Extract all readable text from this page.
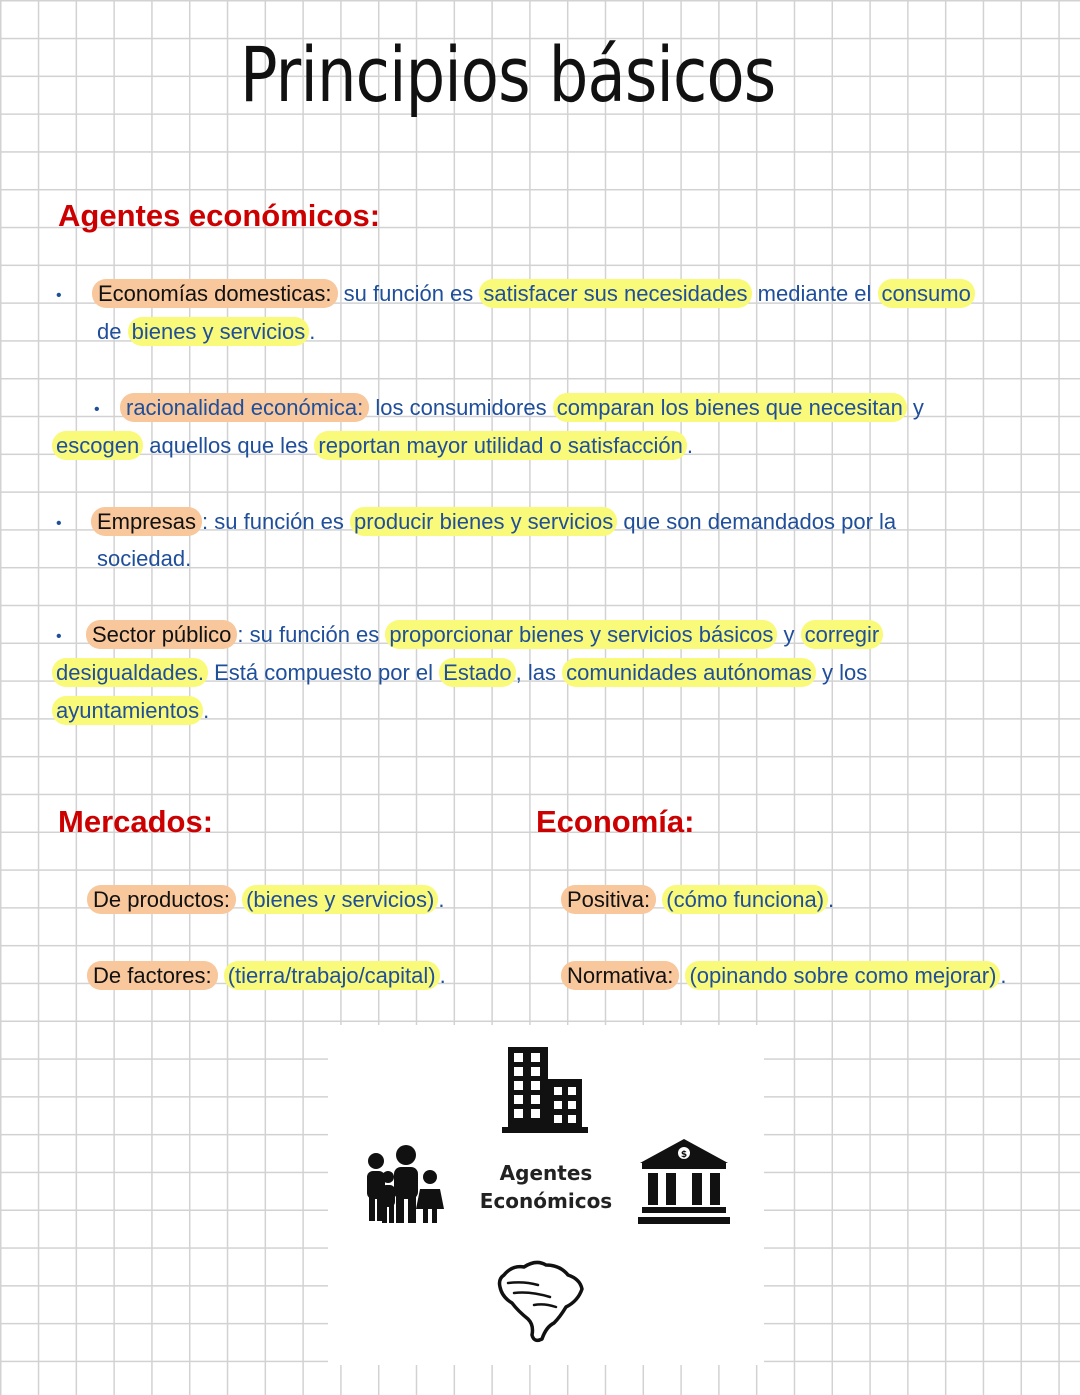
Principios básicos
Agentes económicos:
• Economías domesticas: su función es satisfacer sus necesidades mediante el consumo
de bienes y servicios .
• racionalidad económica: los consumidores comparan los bienes que necesitan y
escogen aquellos que les reportan mayor utilidad o satisfacción .
• Empresas : su función es producir bienes y servicios que son demandados por la
sociedad.
• Sector público : su función es proporcionar bienes y servicios básicos y corregir
desigualdades. Está compuesto por el Estado , las comunidades autónomas y los
ayuntamientos .
Mercados:
De productos: (bienes y servicios) .
De factores: (tierra/trabajo/capital) .
Economía:
Positiva: (cómo funciona) .
Normativa: (opinando sobre como mejorar) .
Agentes
Económicos
$
